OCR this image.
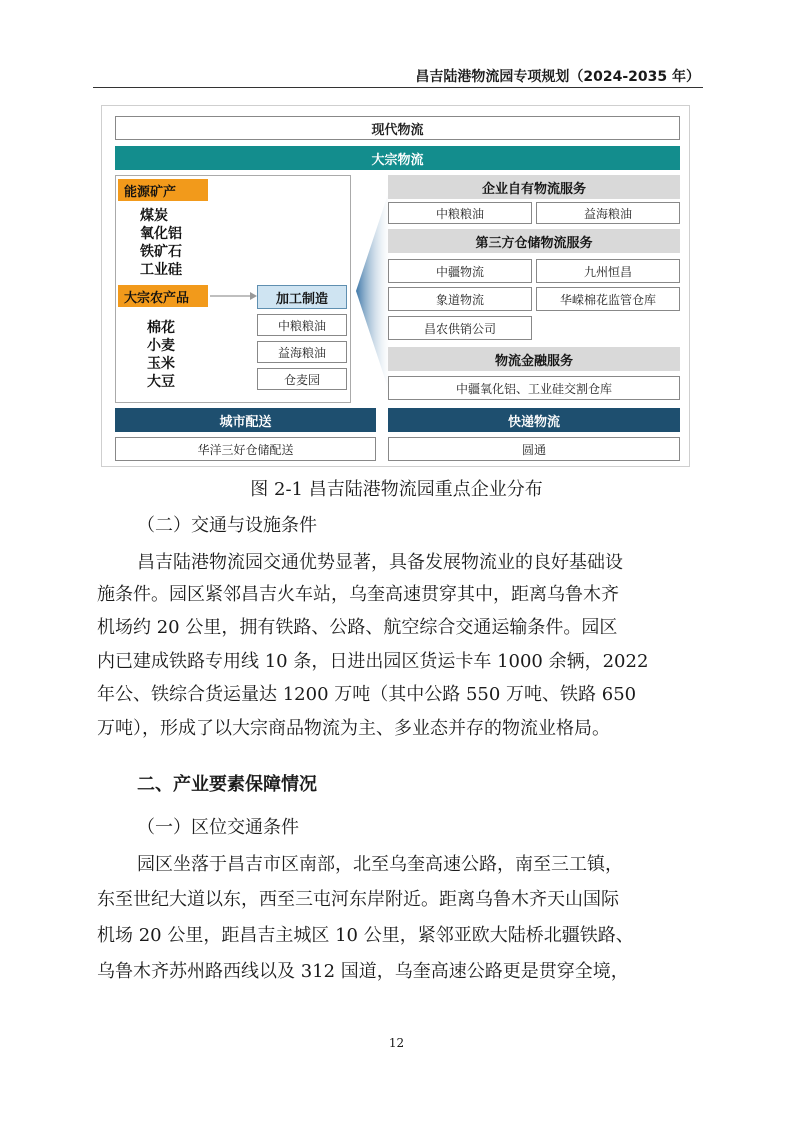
昌吉陆港物流园专项规划（2024-2035 年）
现代物流
大宗物流
能源矿产
煤炭
氧化铝
铁矿石
工业硅
大宗农产品	加工制造
中粮粮油
益海粮油
仓麦园
棉花
小麦
玉米
大豆
企业自有物流服务
中粮粮油	益海粮油
第三方仓储物流服务
中疆物流	九州恒昌
象道物流	华嵘棉花监管仓库
昌农供销公司
物流金融服务
中疆氧化铝、工业硅交割仓库
城市配送
华洋三好仓储配送
快递物流
圆通
图 2-1 昌吉陆港物流园重点企业分布
（二）交通与设施条件
昌吉陆港物流园交通优势显著，具备发展物流业的良好基础设
施条件。园区紧邻昌吉火车站，乌奎高速贯穿其中，距离乌鲁木齐
机场约 20 公里，拥有铁路、公路、航空综合交通运输条件。园区
内已建成铁路专用线 10 条，日进出园区货运卡车 1000 余辆，2022
年公、铁综合货运量达 1200 万吨（其中公路 550 万吨、铁路 650
万吨），形成了以大宗商品物流为主、多业态并存的物流业格局。
二、产业要素保障情况
（一）区位交通条件
园区坐落于昌吉市区南部，北至乌奎高速公路，南至三工镇，
东至世纪大道以东，西至三屯河东岸附近。距离乌鲁木齐天山国际
机场 20 公里，距昌吉主城区 10 公里，紧邻亚欧大陆桥北疆铁路、
乌鲁木齐苏州路西线以及 312 国道，乌奎高速公路更是贯穿全境，
12
